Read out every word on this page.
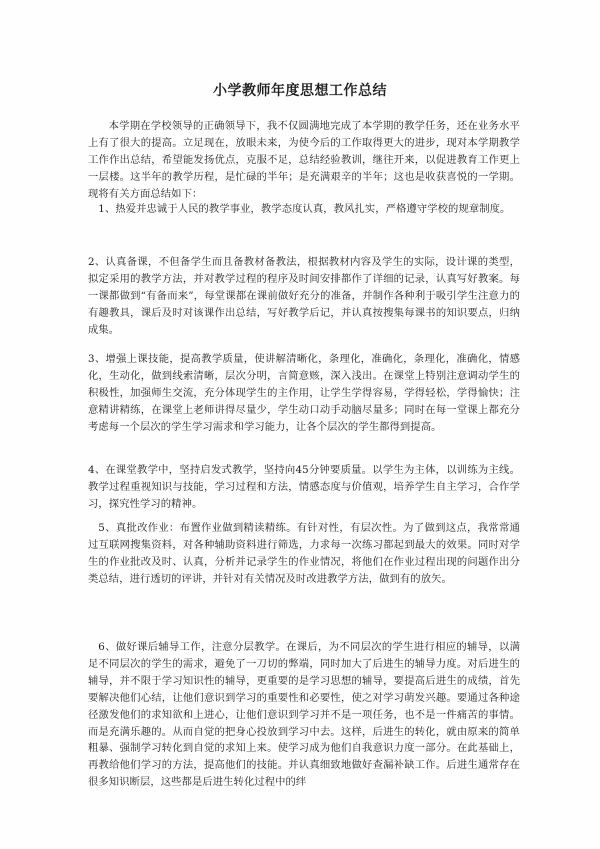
小学教师年度思想工作总结
本学期在学校领导的正确领导下，我不仅圆满地完成了本学期的教学任务，还在业务水平上有了很大的提高。立足现在，放眼未来，为使今后的工作取得更大的进步，现对本学期教学工作作出总结，希望能发扬优点，克服不足，总结经验教训，继往开来，以促进教育工作更上一层楼。这半年的教学历程，是忙碌的半年；是充满艰辛的半年；这也是收获喜悦的一学期。现将有关方面总结如下：
1、热爱并忠诚于人民的教学事业，教学态度认真，教风扎实，严格遵守学校的规章制度。
2、认真备课，不但备学生而且备教材备教法，根据教材内容及学生的实际，设计课的类型，拟定采用的教学方法，并对教学过程的程序及时间安排都作了详细的记录，认真写好教案。每一课都做到“有备而来”，每堂课都在课前做好充分的准备，并制作各种利于吸引学生注意力的有趣教具，课后及时对该课作出总结，写好教学后记，并认真按搜集每课书的知识要点，归纳成集。
3、增强上课技能，提高教学质量，使讲解清晰化，条理化，准确化，条理化，准确化，情感化，生动化，做到线索清晰，层次分明，言简意赅，深入浅出。在课堂上特别注意调动学生的积极性，加强师生交流，充分体现学生的主作用，让学生学得容易，学得轻松，学得愉快；注意精讲精练，在课堂上老师讲得尽量少，学生动口动手动脑尽量多；同时在每一堂课上都充分考虑每一个层次的学生学习需求和学习能力，让各个层次的学生都得到提高。
4、在课堂教学中，坚持启发式教学，坚持向45分钟要质量。以学生为主体，以训练为主线。教学过程重视知识与技能，学习过程和方法，情感态度与价值观，培养学生自主学习，合作学习，探究性学习的精神。
5、真批改作业：布置作业做到精读精练。有针对性，有层次性。为了做到这点，我常常通过互联网搜集资料，对各种辅助资料进行筛选，力求每一次练习都起到最大的效果。同时对学生的作业批改及时、认真，分析并记录学生的作业情况，将他们在作业过程出现的问题作出分类总结，进行透切的评讲，并针对有关情况及时改进教学方法，做到有的放矢。
6、做好课后辅导工作，注意分层教学。在课后，为不同层次的学生进行相应的辅导，以满足不同层次的学生的需求，避免了一刀切的弊端，同时加大了后进生的辅导力度。对后进生的辅导，并不限于学习知识性的辅导，更重要的是学习思想的辅导，要提高后进生的成绩，首先要解决他们心结，让他们意识到学习的重要性和必要性，使之对学习萌发兴趣。要通过各种途径激发他们的求知欲和上进心，让他们意识到学习并不是一项任务，也不是一件痛苦的事情。而是充满乐趣的。从而自觉的把身心投放到学习中去。这样，后进生的转化，就由原来的简单粗暴、强制学习转化到自觉的求知上来。使学习成为他们自我意识力度一部分。在此基础上，再教给他们学习的方法，提高他们的技能。并认真细致地做好查漏补缺工作。后进生通常存在很多知识断层，这些都是后进生转化过程中的绊
